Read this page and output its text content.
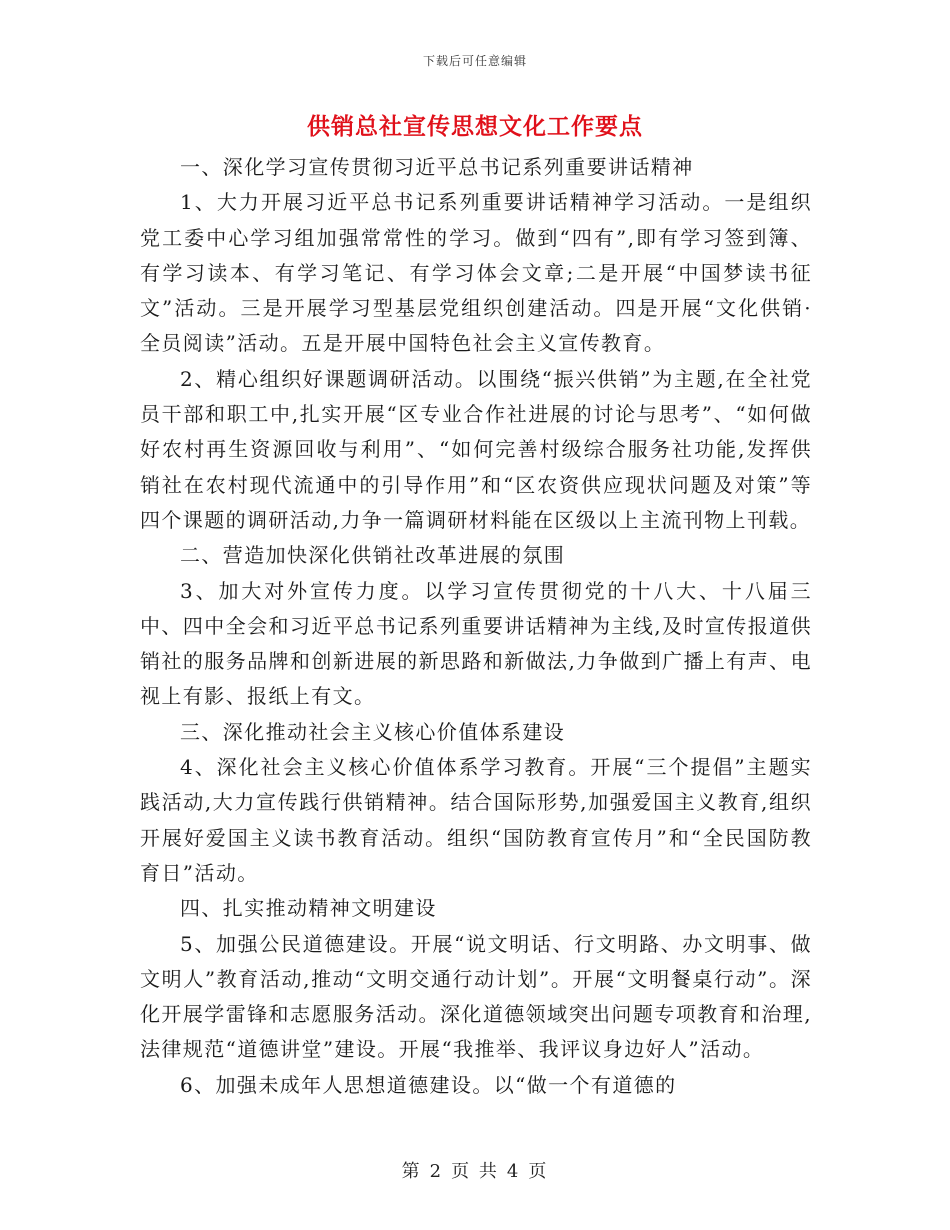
下载后可任意编辑
供销总社宣传思想文化工作要点

一、深化学习宣传贯彻习近平总书记系列重要讲话精神

1、大力开展习近平总书记系列重要讲话精神学习活动。一是组织党工委中心学习组加强常常性的学习。做到“四有”,即有学习签到簿、有学习读本、有学习笔记、有学习体会文章;二是开展“中国梦读书征文”活动。三是开展学习型基层党组织创建活动。四是开展“文化供销·全员阅读”活动。五是开展中国特色社会主义宣传教育。

2、精心组织好课题调研活动。以围绕“振兴供销”为主题,在全社党员干部和职工中,扎实开展“区专业合作社进展的讨论与思考”、“如何做好农村再生资源回收与利用”、“如何完善村级综合服务社功能,发挥供销社在农村现代流通中的引导作用”和“区农资供应现状问题及对策”等四个课题的调研活动,力争一篇调研材料能在区级以上主流刊物上刊载。

二、营造加快深化供销社改革进展的氛围

3、加大对外宣传力度。以学习宣传贯彻党的十八大、十八届三中、四中全会和习近平总书记系列重要讲话精神为主线,及时宣传报道供销社的服务品牌和创新进展的新思路和新做法,力争做到广播上有声、电视上有影、报纸上有文。

三、深化推动社会主义核心价值体系建设

4、深化社会主义核心价值体系学习教育。开展“三个提倡”主题实践活动,大力宣传践行供销精神。结合国际形势,加强爱国主义教育,组织开展好爱国主义读书教育活动。组织“国防教育宣传月”和“全民国防教育日”活动。

四、扎实推动精神文明建设

5、加强公民道德建设。开展“说文明话、行文明路、办文明事、做文明人”教育活动,推动“文明交通行动计划”。开展“文明餐桌行动”。深化开展学雷锋和志愿服务活动。深化道德领域突出问题专项教育和治理,法律规范“道德讲堂”建设。开展“我推举、我评议身边好人”活动。

6、加强未成年人思想道德建设。以“做一个有道德的

第 2 页 共 4 页
